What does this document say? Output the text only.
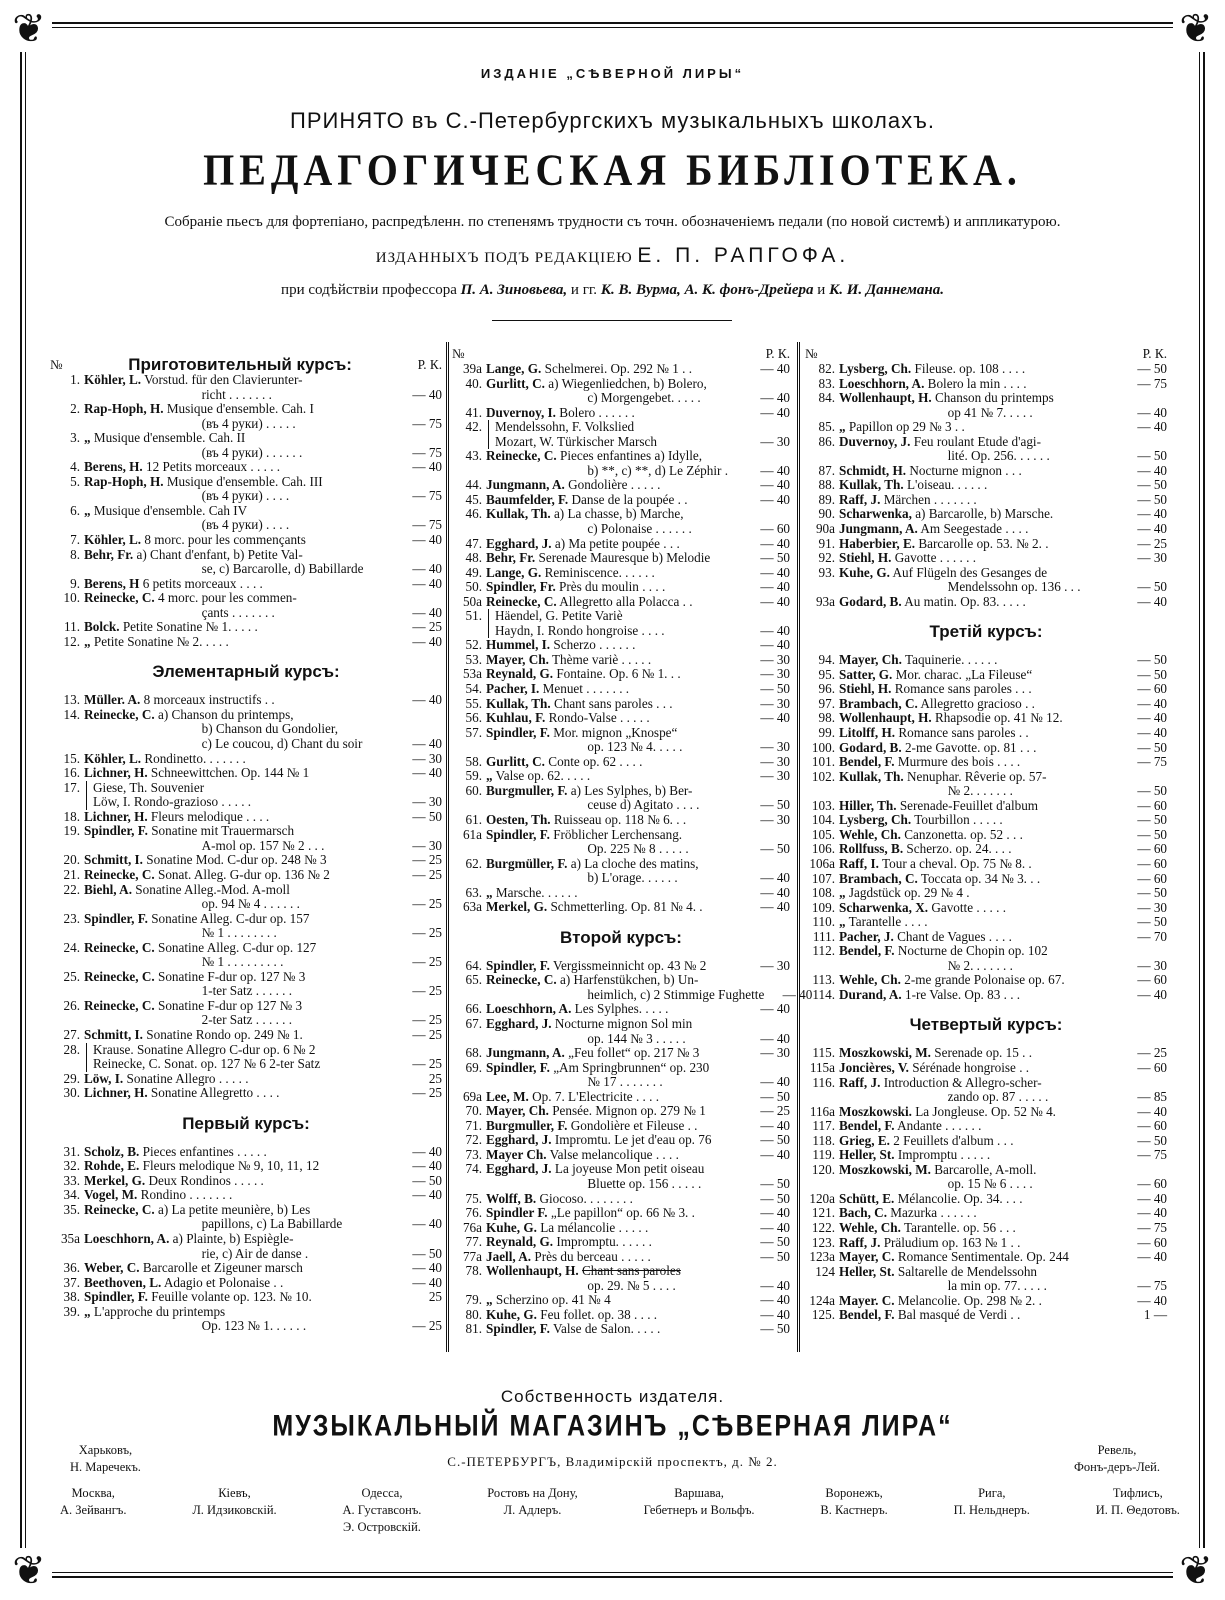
❦	❦
❦	❦
ИЗДАНІЕ „СѢВЕРНОЙ ЛИРЫ“
ПРИНЯТО въ С.-Петербургскихъ музыкальныхъ школахъ.
ПЕДАГОГИЧЕСКАЯ БИБЛІОТЕКА.
Собраніе пьесъ для фортепіано, распредѣленн. по степенямъ трудности съ точн. обозначеніемъ педали (по новой системѣ) и аппликатурою.
ИЗДАННЫХЪ ПОДЪ РЕДАКЦІЕЮ Е. П. РАПГОФА.
при содѣйствіи профессора П. А. Зиновьева, и гг. К. В. Вурма, А. К. фонъ-Дрейера и К. И. Даннемана.
№	Приготовительный курсъ:	Р. К.
1. Köhler, L. Vorstud. für den Clavierunter-
richt . . . . . . .	— 40
2. Rap-Hoph, H. Musique d'ensemble. Cah. I
(въ 4 руки) . . . . .	— 75
3. „ Musique d'ensemble. Cah. II
(въ 4 руки) . . . . . .	— 75
4. Berens, H. 12 Petits morceaux . . . . .	— 40
5. Rap-Hoph, H. Musique d'ensemble. Cah. III
(въ 4 руки) . . . .	— 75
6. „ Musique d'ensemble. Cah IV
(въ 4 руки) . . . .	— 75
7. Köhler, L. 8 morc. pour les commençants	— 40
8. Behr, Fr. a) Chant d'enfant, b) Petite Val-
se, c) Barcarolle, d) Babillarde	— 40
9. Berens, H 6 petits morceaux . . . .	— 40
10. Reinecke, C. 4 morc. pour les commen-
çants . . . . . . .	— 40
11. Bolck. Petite Sonatine № 1. . . . .	— 25
12. „ Petite Sonatine № 2. . . . .	— 40
Элементарный курсъ:
13. Müller. A. 8 morceaux instructifs . .	— 40
14. Reinecke, C. a) Chanson du printemps,
b) Chanson du Gondolier,
c) Le coucou, d) Chant du soir	— 40
15. Köhler, L. Rondinetto. . . . . . .	— 30
16. Lichner, H. Schneewittchen. Op. 144 № 1	— 40
17. Giese, Th. Souvenier
Löw, I. Rondo-grazioso . . . . .	— 30
18. Lichner, H. Fleurs melodique . . . .	— 50
19. Spindler, F. Sonatine mit Trauermarsch
A-mol op. 157 № 2 . . .	— 30
20. Schmitt, I. Sonatine Mod. C-dur op. 248 № 3	— 25
21. Reinecke, C. Sonat. Alleg. G-dur op. 136 № 2	— 25
22. Biehl, A. Sonatine Alleg.-Mod. A-moll
op. 94 № 4 . . . . . .	— 25
23. Spindler, F. Sonatine Alleg. C-dur op. 157
№ 1 . . . . . . . .	— 25
24. Reinecke, C. Sonatine Alleg. C-dur op. 127
№ 1 . . . . . . . . .	— 25
25. Reinecke, C. Sonatine F-dur op. 127 № 3
1-ter Satz . . . . . .	— 25
26. Reinecke, C. Sonatine F-dur op 127 № 3
2-ter Satz . . . . . .	— 25
27. Schmitt, I. Sonatine Rondo op. 249 № 1.	— 25
28. Krause. Sonatine Allegro C-dur op. 6 № 2
Reinecke, C. Sonat. op. 127 № 6 2-ter Satz	— 25
29. Löw, I. Sonatine Allegro . . . . .	25
30. Lichner, H. Sonatine Allegretto . . . .	— 25
Первый курсъ:
31. Scholz, B. Pieces enfantines . . . . .	— 40
32. Rohde, E. Fleurs melodique № 9, 10, 11, 12	— 40
33. Merkel, G. Deux Rondinos . . . . .	— 50
34. Vogel, M. Rondino . . . . . . .	— 40
35. Reinecke, C. a) La petite meunière, b) Les
papillons, c) La Babillarde	— 40
35a Loeschhorn, A. a) Plainte, b) Espiègle-
rie, c) Air de danse .	— 50
36. Weber, C. Barcarolle et Zigeuner marsch	— 40
37. Beethoven, L. Adagio et Polonaise . .	— 40
38. Spindler, F. Feuille volante op. 123. № 10.	25
39. „ L'approche du printemps
Op. 123 № 1. . . . . .	— 25
№	Р. К.
39a Lange, G. Schelmerei. Op. 292 № 1 . .	— 40
40. Gurlitt, C. a) Wiegenliedchen, b) Bolero,
c) Morgengebet. . . . .	— 40
41. Duvernoy, I. Bolero . . . . . .	— 40
42. Mendelssohn, F. Volkslied
Mozart, W. Türkischer Marsch	— 30
43. Reinecke, C. Pieces enfantines a) Idylle,
b) **, c) **, d) Le Zéphir .	— 40
44. Jungmann, A. Gondolière . . . . .	— 40
45. Baumfelder, F. Danse de la poupée . .	— 40
46. Kullak, Th. a) La chasse, b) Marche,
c) Polonaise . . . . . .	— 60
47. Egghard, J. a) Ma petite poupée . . .	— 40
48. Behr, Fr. Serenade Mauresque b) Melodie	— 50
49. Lange, G. Reminiscence. . . . . .	— 40
50. Spindler, Fr. Près du moulin . . . .	— 40
50a Reinecke, C. Allegretto alla Polacca . .	— 40
51. Häendel, G. Petite Variè
Haydn, I. Rondo hongroise . . . .	— 40
52. Hummel, I. Scherzo . . . . . .	— 40
53. Mayer, Ch. Thème variè . . . . .	— 30
53a Reynald, G. Fontaine. Op. 6 № 1. . .	— 30
54. Pacher, I. Menuet . . . . . . .	— 50
55. Kullak, Th. Chant sans paroles . . .	— 30
56. Kuhlau, F. Rondo-Valse . . . . .	— 40
57. Spindler, F. Mor. mignon „Knospe“
op. 123 № 4. . . . .	— 30
58. Gurlitt, C. Conte op. 62 . . . .	— 30
59. „ Valse op. 62. . . . .	— 30
60. Burgmuller, F. a) Les Sylphes, b) Ber-
ceuse d) Agitato . . . .	— 50
61. Oesten, Th. Ruisseau op. 118 № 6. . .	— 30
61a Spindler, F. Fröblicher Lerchensang.
Op. 225 № 8 . . . . .	— 50
62. Burgmüller, F. a) La cloche des matins,
b) L'orage. . . . . .	— 40
63. „ Marsche. . . . . .	— 40
63a Merkel, G. Schmetterling. Op. 81 № 4. .	— 40
Второй курсъ:
64. Spindler, F. Vergissmeinnicht op. 43 № 2	— 30
65. Reinecke, C. a) Harfenstükchen, b) Un-
heimlich, c) 2 Stimmige Fughette	— 40
66. Loeschhorn, A. Les Sylphes. . . . .	— 40
67. Egghard, J. Nocturne mignon Sol min
op. 144 № 3 . . . . .	— 40
68. Jungmann, A. „Feu follet“ op. 217 № 3	— 30
69. Spindler, F. „Am Springbrunnen“ op. 230
№ 17 . . . . . . .	— 40
69a Lee, M. Op. 7. L'Electricite . . . .	— 50
70. Mayer, Ch. Pensée. Mignon op. 279 № 1	— 25
71. Burgmuller, F. Gondolière et Fileuse . .	— 40
72. Egghard, J. Impromtu. Le jet d'eau op. 76	— 50
73. Mayer Ch. Valse melancolique . . . .	— 40
74. Egghard, J. La joyeuse Mon petit oiseau
Bluette op. 156 . . . . .	— 50
75. Wolff, B. Giocoso. . . . . . . .	— 50
76. Spindler F. „Le papillon“ op. 66 № 3. .	— 40
76a Kuhe, G. La mélancolie . . . . .	— 40
77. Reynald, G. Impromptu. . . . . .	— 50
77a Jaell, A. Près du berceau . . . . .	— 50
78. Wollenhaupt, H. Chant sans paroles
op. 29. № 5 . . . .	— 40
79. „ Scherzino op. 41 № 4	— 40
80. Kuhe, G. Feu follet. op. 38 . . . .	— 40
81. Spindler, F. Valse de Salon. . . . .	— 50
№	Р. К.
82. Lysberg, Ch. Fileuse. op. 108 . . . .	— 50
83. Loeschhorn, A. Bolero la min . . . .	— 75
84. Wollenhaupt, H. Chanson du printemps
op 41 № 7. . . . .	— 40
85. „ Papillon op 29 № 3 . .	— 40
86. Duvernoy, J. Feu roulant Etude d'agi-
lité. Op. 256. . . . . .	— 50
87. Schmidt, H. Nocturne mignon . . .	— 40
88. Kullak, Th. L'oiseau. . . . . .	— 50
89. Raff, J. Märchen . . . . . . .	— 50
90. Scharwenka, a) Barcarolle, b) Marsche.	— 40
90a Jungmann, A. Am Seegestade . . . .	— 40
91. Haberbier, E. Barcarolle op. 53. № 2. .	— 25
92. Stiehl, H. Gavotte . . . . . .	— 30
93. Kuhe, G. Auf Flügeln des Gesanges de
Mendelssohn op. 136 . . .	— 50
93a Godard, B. Au matin. Op. 83. . . . .	— 40
Третій курсъ:
94. Mayer, Ch. Taquinerie. . . . . .	— 50
95. Satter, G. Mor. charac. „La Fileuse“	— 50
96. Stiehl, H. Romance sans paroles . . .	— 60
97. Brambach, C. Allegretto gracioso . .	— 40
98. Wollenhaupt, H. Rhapsodie op. 41 № 12.	— 40
99. Litolff, H. Romance sans paroles . .	— 40
100. Godard, B. 2-me Gavotte. op. 81 . . .	— 50
101. Bendel, F. Murmure des bois . . . .	— 75
102. Kullak, Th. Nenuphar. Rêverie op. 57-
№ 2. . . . . . .	— 50
103. Hiller, Th. Serenade-Feuillet d'album	— 60
104. Lysberg, Ch. Tourbillon . . . . .	— 50
105. Wehle, Ch. Canzonetta. op. 52 . . .	— 50
106. Rollfuss, B. Scherzo. op. 24. . . .	— 60
106a Raff, I. Tour a cheval. Op. 75 № 8. .	— 60
107. Brambach, C. Toccata op. 34 № 3. . .	— 60
108. „ Jagdstück op. 29 № 4 .	— 50
109. Scharwenka, X. Gavotte . . . . .	— 30
110. „ Tarantelle . . . .	— 50
111. Pacher, J. Chant de Vagues . . . .	— 70
112. Bendel, F. Nocturne de Chopin op. 102
№ 2. . . . . . .	— 30
113. Wehle, Ch. 2-me grande Polonaise op. 67.	— 60
114. Durand, A. 1-re Valse. Op. 83 . . .	— 40
Четвертый курсъ:
115. Moszkowski, M. Serenade op. 15 . .	— 25
115a Joncières, V. Sérénade hongroise . .	— 60
116. Raff, J. Introduction & Allegro-scher-
zando op. 87 . . . . .	— 85
116a Moszkowski. La Jongleuse. Op. 52 № 4.	— 40
117. Bendel, F. Andante . . . . . .	— 60
118. Grieg, E. 2 Feuillets d'album . . .	— 50
119. Heller, St. Impromptu . . . . .	— 75
120. Moszkowski, M. Barcarolle, A-moll.
op. 15 № 6 . . . .	— 60
120a Schütt, E. Mélancolie. Op. 34. . . .	— 40
121. Bach, C. Mazurka . . . . . .	— 40
122. Wehle, Ch. Tarantelle. op. 56 . . .	— 75
123. Raff, J. Präludium op. 163 № 1 . .	— 60
123a Mayer, C. Romance Sentimentale. Op. 244	— 40
124 Heller, St. Saltarelle de Mendelssohn
la min op. 77. . . . .	— 75
124a Mayer. C. Melancolie. Op. 298 № 2. .	— 40
125. Bendel, F. Bal masqué de Verdi . .	1 —
Собственность издателя.
МУЗЫКАЛЬНЫЙ МАГАЗИНЪ „СѢВЕРНАЯ ЛИРА“
С.-ПЕТЕРБУРГЪ, Владимірскій проспектъ, д. № 2.
Харьковъ,
Н. Маречекъ.
Ревель,
Фонъ-деръ-Лей.
Москва,
А. Зейвангъ.
Кіевъ,
Л. Идзиковскій.
Одесса,
А. Густавсонъ.
Э. Островскій.
Ростовъ на Дону,
Л. Адлеръ.
Варшава,
Гебетнеръ и Вольфъ.
Воронежъ,
В. Кастнеръ.
Рига,
П. Нельднеръ.
Тифлисъ,
И. П. Θедотовъ.
